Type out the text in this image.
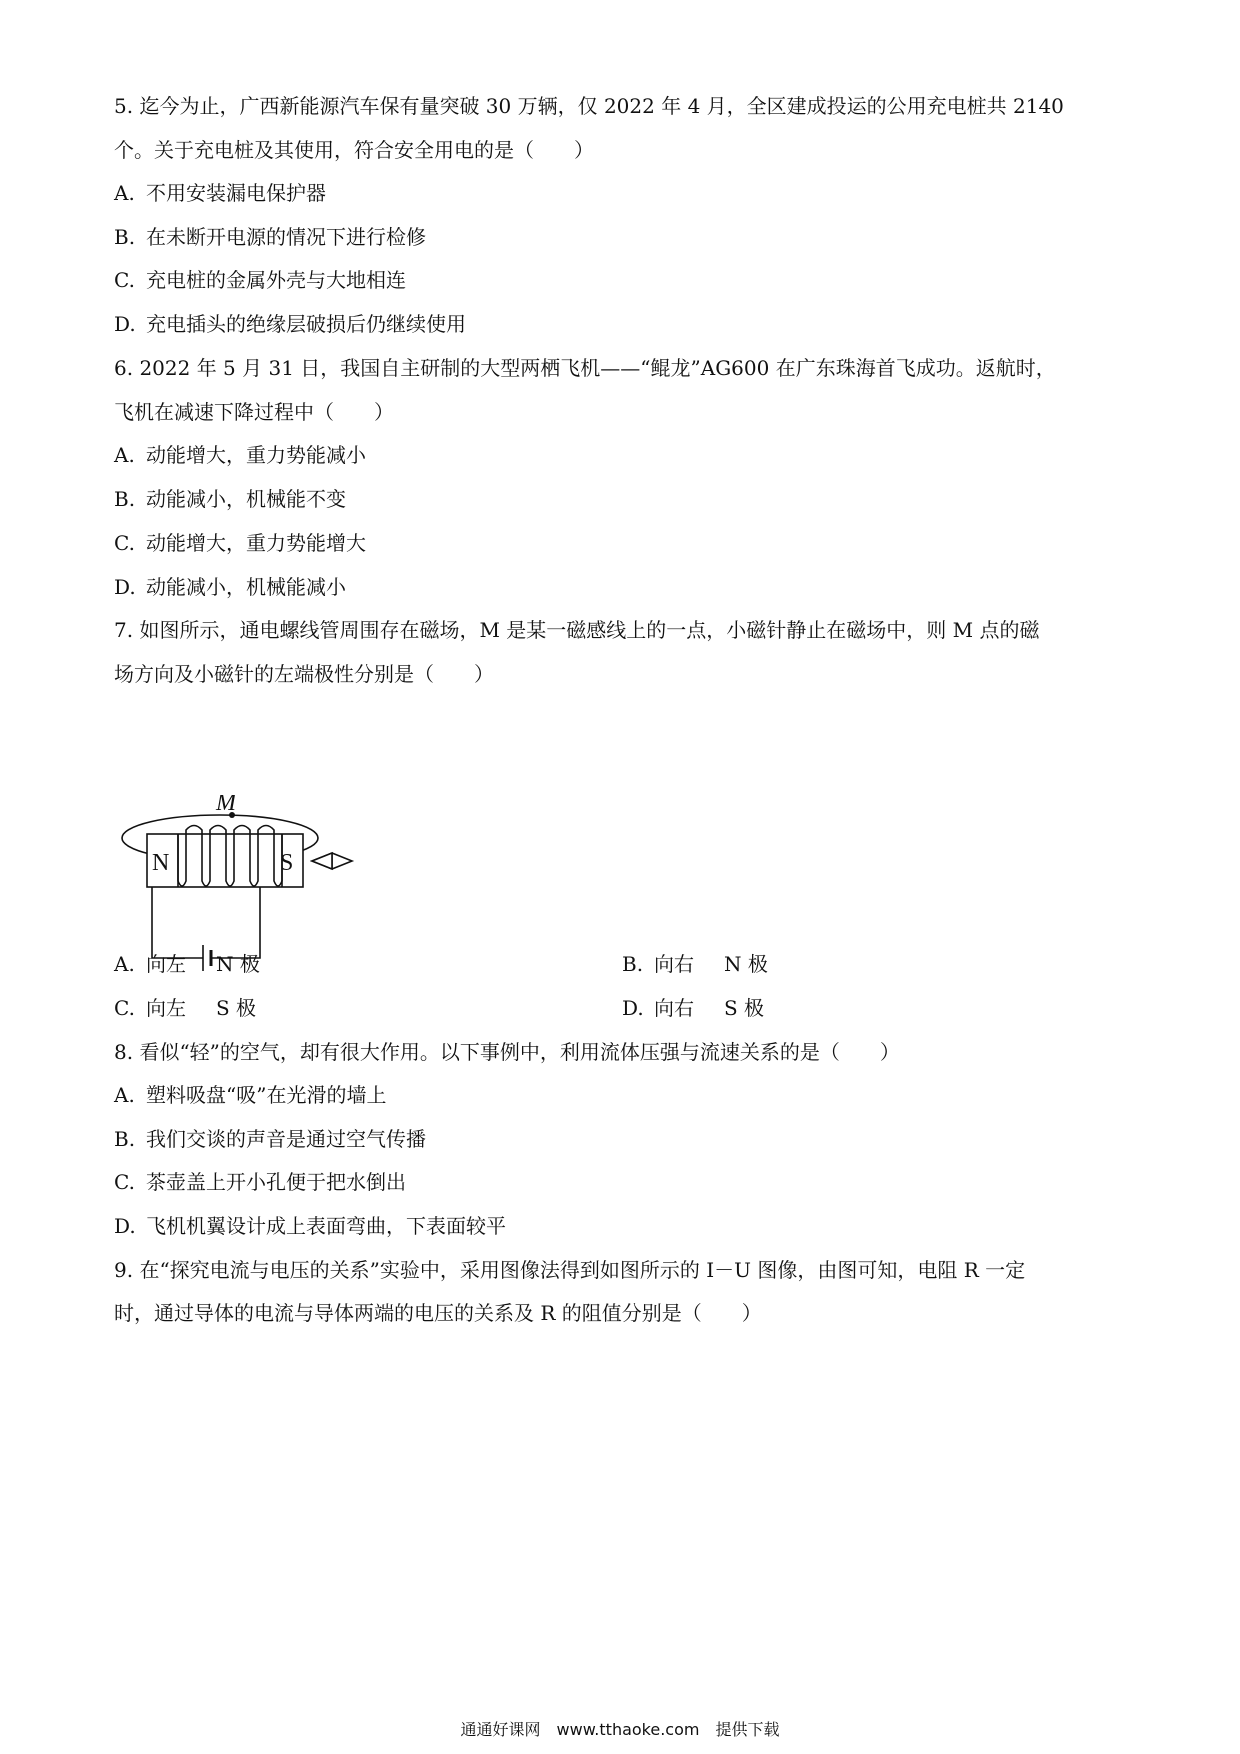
5. 迄今为止，广西新能源汽车保有量突破 30 万辆，仅 2022 年 4 月，全区建成投运的公用充电桩共 2140
个。关于充电桩及其使用，符合安全用电的是（　　）
A. 不用安装漏电保护器
B. 在未断开电源的情况下进行检修
C. 充电桩的金属外壳与大地相连
D. 充电插头的绝缘层破损后仍继续使用
6. 2022 年 5 月 31 日，我国自主研制的大型两栖飞机——“鲲龙”AG600 在广东珠海首飞成功。返航时，
飞机在减速下降过程中（　　）
A. 动能增大，重力势能减小
B. 动能减小，机械能不变
C. 动能增大，重力势能增大
D. 动能减小，机械能减小
7. 如图所示，通电螺线管周围存在磁场，M 是某一磁感线上的一点，小磁针静止在磁场中，则 M 点的磁
场方向及小磁针的左端极性分别是（　　）
M
N	S
A. 向左 N 极	B. 向右 N 极
C. 向左 S 极	D. 向右 S 极
8. 看似“轻”的空气，却有很大作用。以下事例中，利用流体压强与流速关系的是（　　）
A. 塑料吸盘“吸”在光滑的墙上
B. 我们交谈的声音是通过空气传播
C. 茶壶盖上开小孔便于把水倒出
D. 飞机机翼设计成上表面弯曲，下表面较平
9. 在“探究电流与电压的关系”实验中，采用图像法得到如图所示的 I－U 图像，由图可知，电阻 R 一定
时，通过导体的电流与导体两端的电压的关系及 R 的阻值分别是（　　）
通通好课网　www.tthaoke.com　提供下载
